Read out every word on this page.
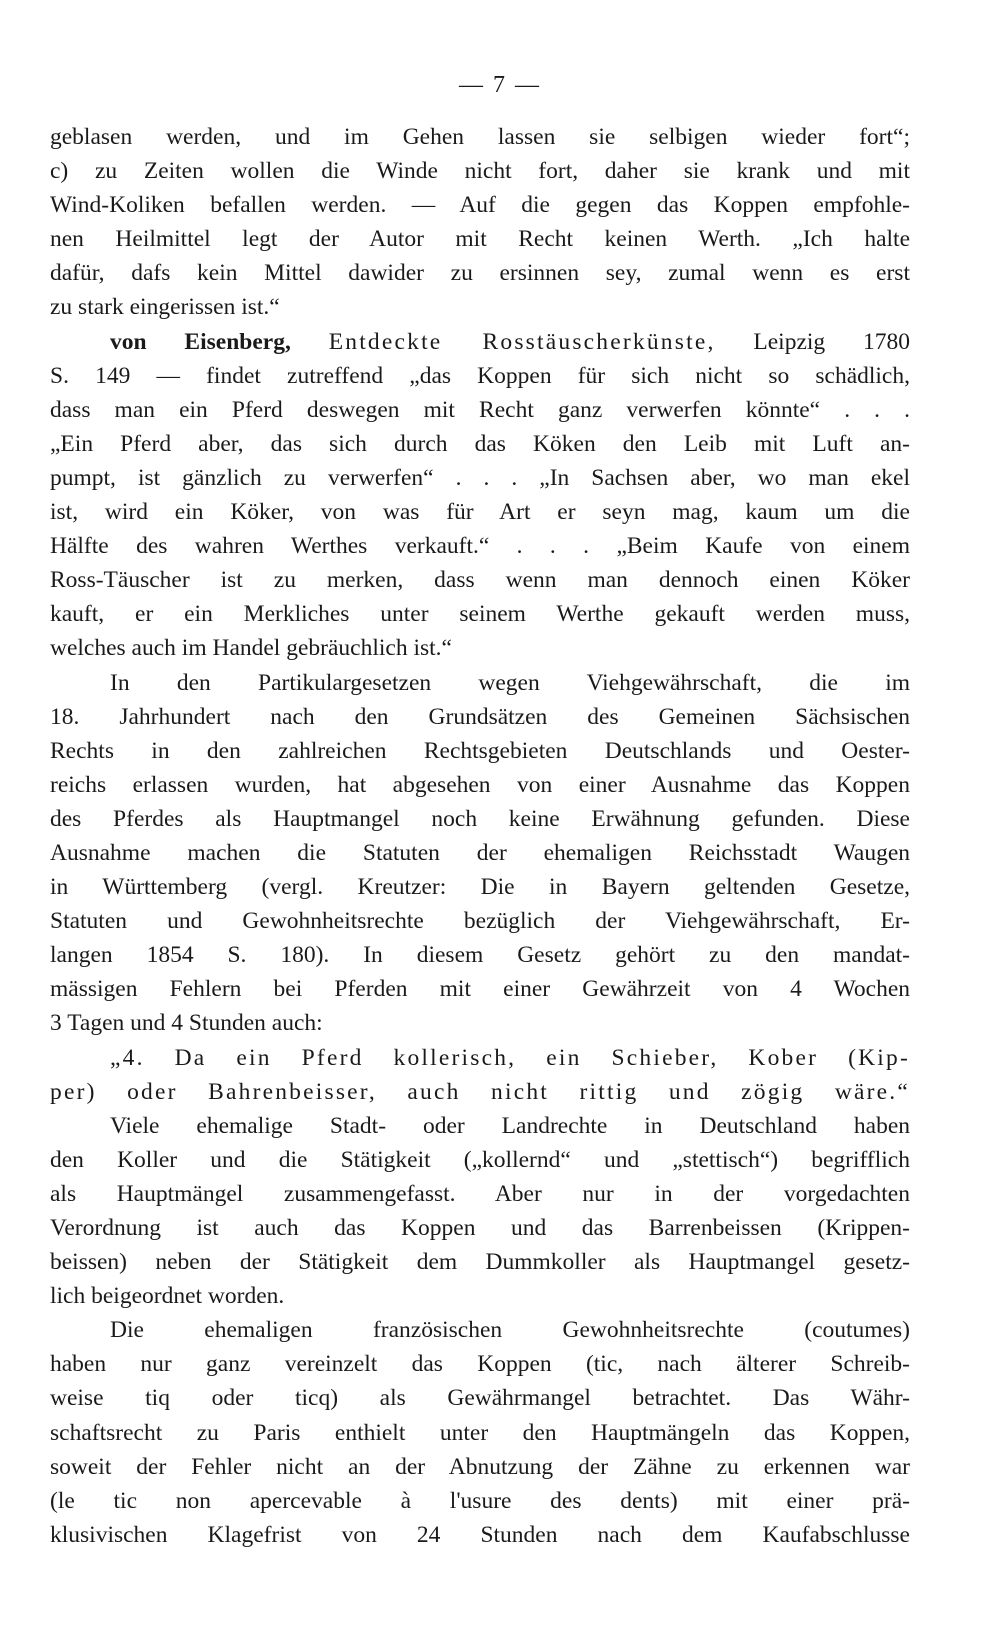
— 7 —
geblasen werden, und im Gehen lassen sie selbigen wieder fort“;
c) zu Zeiten wollen die Winde nicht fort, daher sie krank und mit
Wind-Koliken befallen werden. — Auf die gegen das Koppen empfohle-
nen Heilmittel legt der Autor mit Recht keinen Werth. „Ich halte
dafür, dafs kein Mittel dawider zu ersinnen sey, zumal wenn es erst
zu stark eingerissen ist.“
von Eisenberg, Entdeckte Rosstäuscherkünste, Leipzig 1780
S. 149 — findet zutreffend „das Koppen für sich nicht so schädlich,
dass man ein Pferd deswegen mit Recht ganz verwerfen könnte“ . . .
„Ein Pferd aber, das sich durch das Köken den Leib mit Luft an-
pumpt, ist gänzlich zu verwerfen“ . . . „In Sachsen aber, wo man ekel
ist, wird ein Köker, von was für Art er seyn mag, kaum um die
Hälfte des wahren Werthes verkauft.“ . . . „Beim Kaufe von einem
Ross-Täuscher ist zu merken, dass wenn man dennoch einen Köker
kauft, er ein Merkliches unter seinem Werthe gekauft werden muss,
welches auch im Handel gebräuchlich ist.“
In den Partikulargesetzen wegen Viehgewährschaft, die im
18. Jahrhundert nach den Grundsätzen des Gemeinen Sächsischen
Rechts in den zahlreichen Rechtsgebieten Deutschlands und Oester-
reichs erlassen wurden, hat abgesehen von einer Ausnahme das Koppen
des Pferdes als Hauptmangel noch keine Erwähnung gefunden. Diese
Ausnahme machen die Statuten der ehemaligen Reichsstadt Waugen
in Württemberg (vergl. Kreutzer: Die in Bayern geltenden Gesetze,
Statuten und Gewohnheitsrechte bezüglich der Viehgewährschaft, Er-
langen 1854 S. 180). In diesem Gesetz gehört zu den mandat-
mässigen Fehlern bei Pferden mit einer Gewährzeit von 4 Wochen
3 Tagen und 4 Stunden auch:
„4. Da ein Pferd kollerisch, ein Schieber, Kober (Kip-
per) oder Bahrenbeisser, auch nicht rittig und zögig wäre.“
Viele ehemalige Stadt- oder Landrechte in Deutschland haben
den Koller und die Stätigkeit („kollernd“ und „stettisch“) begrifflich
als Hauptmängel zusammengefasst. Aber nur in der vorgedachten
Verordnung ist auch das Koppen und das Barrenbeissen (Krippen-
beissen) neben der Stätigkeit dem Dummkoller als Hauptmangel gesetz-
lich beigeordnet worden.
Die ehemaligen französischen Gewohnheitsrechte (coutumes)
haben nur ganz vereinzelt das Koppen (tic, nach älterer Schreib-
weise tiq oder ticq) als Gewährmangel betrachtet. Das Währ-
schaftsrecht zu Paris enthielt unter den Hauptmängeln das Koppen,
soweit der Fehler nicht an der Abnutzung der Zähne zu erkennen war
(le tic non apercevable à l'usure des dents) mit einer prä-
klusivischen Klagefrist von 24 Stunden nach dem Kaufabschlusse
